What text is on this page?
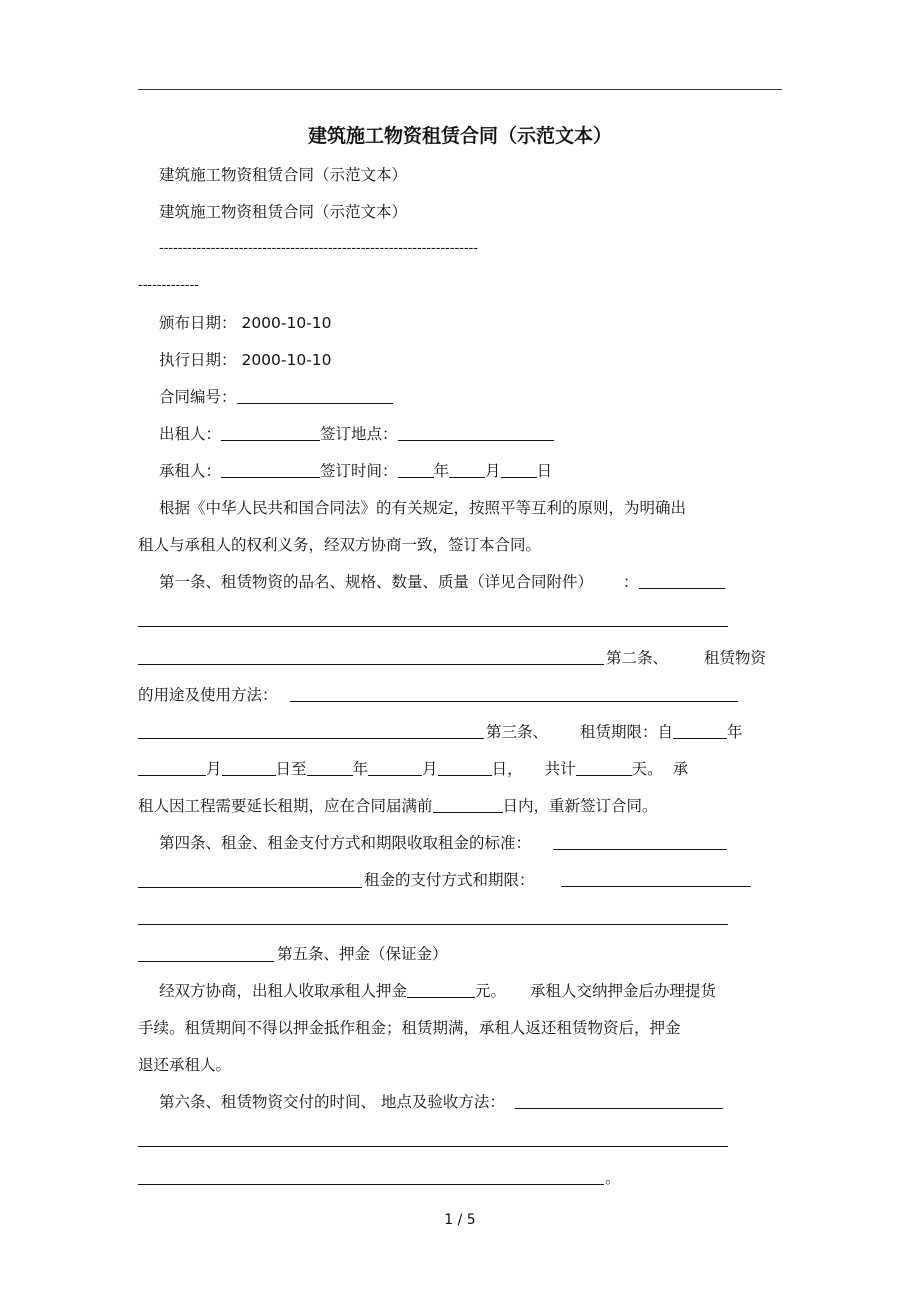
建筑施工物资租赁合同（示范文本）
建筑施工物资租赁合同（示范文本）
建筑施工物资租赁合同（示范文本）
--------------------------------------------------------------------
-------------
颁布日期： 2000-10-10
执行日期： 2000-10-10
合同编号：
出租人：	签订地点：
承租人：	签订时间： 年 月 日
根据《中华人民共和国合同法》的有关规定，按照平等互利的原则，为明确出
租人与承租人的权利义务，经双方协商一致，签订本合同。
第一条、租赁物资的品名、规格、数量、质量（详见合同附件） ：
第二条、 租赁物资
的用途及使用方法：
第三条、 租赁期限：自	年
月	日至	年	月	日， 共计	天。 承
租人因工程需要延长租期，应在合同届满前	日内，重新签订合同。
第四条、租金、租金支付方式和期限收取租金的标准：
租金的支付方式和期限：
第五条、押金（保证金）
经双方协商，出租人收取承租人押金	元。 承租人交纳押金后办理提货
手续。租赁期间不得以押金抵作租金；租赁期满，承租人返还租赁物资后，押金
退还承租人。
第六条、租赁物资交付的时间、 地点及验收方法：
。
1 / 5
